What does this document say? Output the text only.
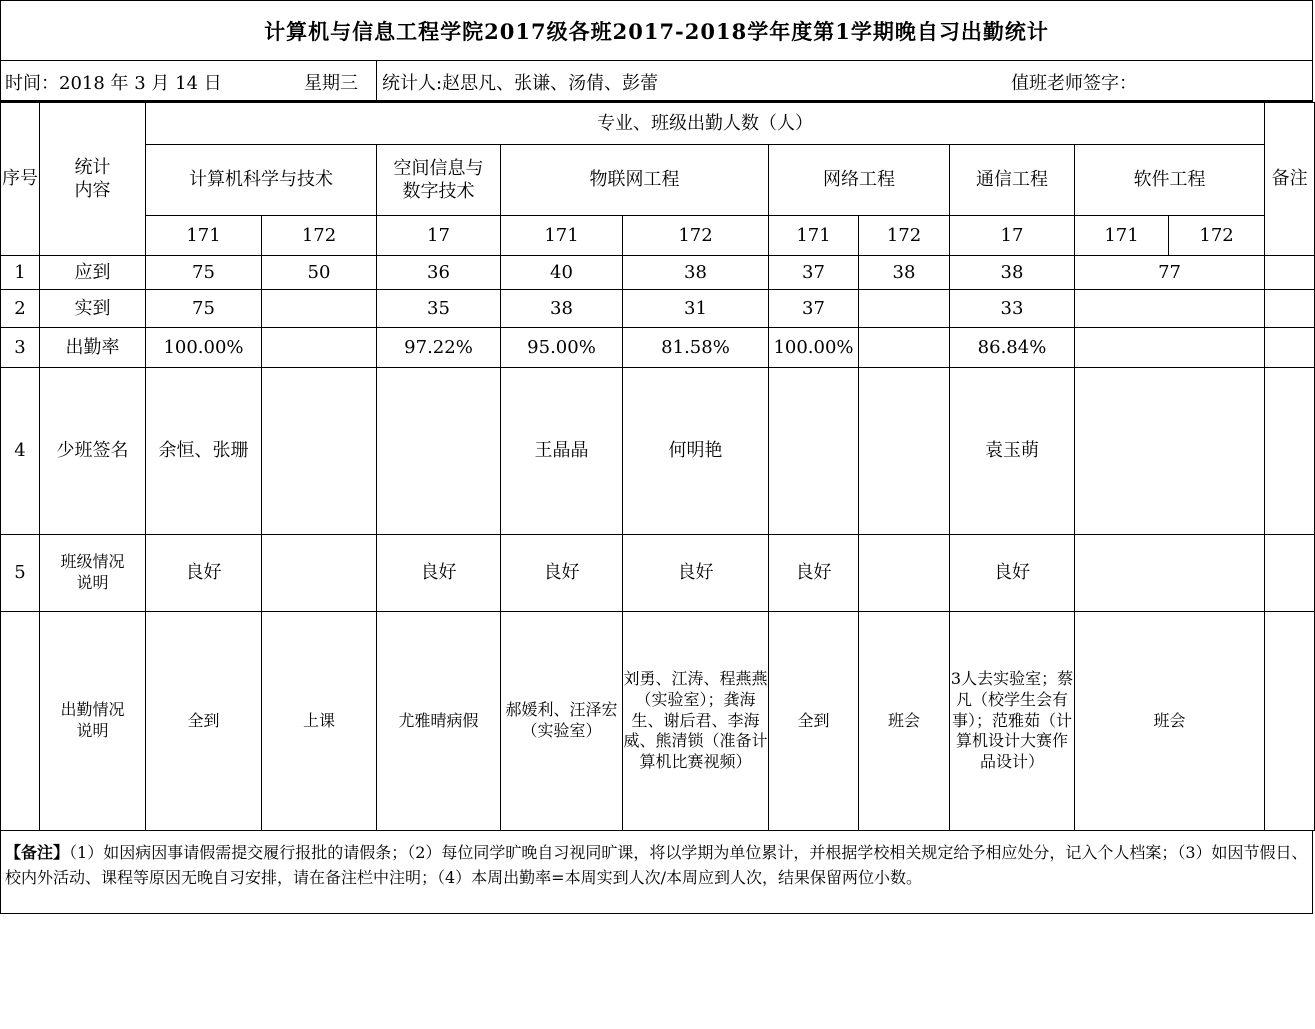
计算机与信息工程学院2017级各班2017-2018学年度第1学期晚自习出勤统计
时间：2018 年 3 月 14 日	星期三 统计人:赵思凡、张谦、汤倩、彭蕾	值班老师签字：
序号	统计
内容	专业、班级出勤人数（人）										备注
		计算机科学与技术		空间信息与
数字技术	物联网工程		网络工程		通信工程	软件工程		
		171	172	17	171	172	171	172	17	171	172	
1	应到	75	50	36	40	38	37	38	38	77		
2	实到	75		35	38	31	37		33			
3	出勤率	100.00%		97.22%	95.00%	81.58%	100.00%		86.84%			
4	少班签名	余恒、张珊			王晶晶	何明艳			袁玉萌			
5	班级情况
说明	良好		良好	良好	良好	良好		良好			
	出勤情况
说明	全到	上课	尤雅晴病假	郝媛利、汪泽宏（实验室）	刘勇、江涛、程燕燕（实验室）；龚海生、谢后君、李海威、熊清锁（准备计算机比赛视频）	全到	班会	3人去实验室；蔡凡（校学生会有事）；范雅茹（计算机设计大赛作品设计）	班会		
【备注】（1）如因病因事请假需提交履行报批的请假条；（2）每位同学旷晚自习视同旷课，将以学期为单位累计，并根据学校相关规定给予相应处分，记入个人档案；（3）如因节假日、校内外活动、课程等原因无晚自习安排，请在备注栏中注明；（4）本周出勤率=本周实到人次/本周应到人次，结果保留两位小数。
